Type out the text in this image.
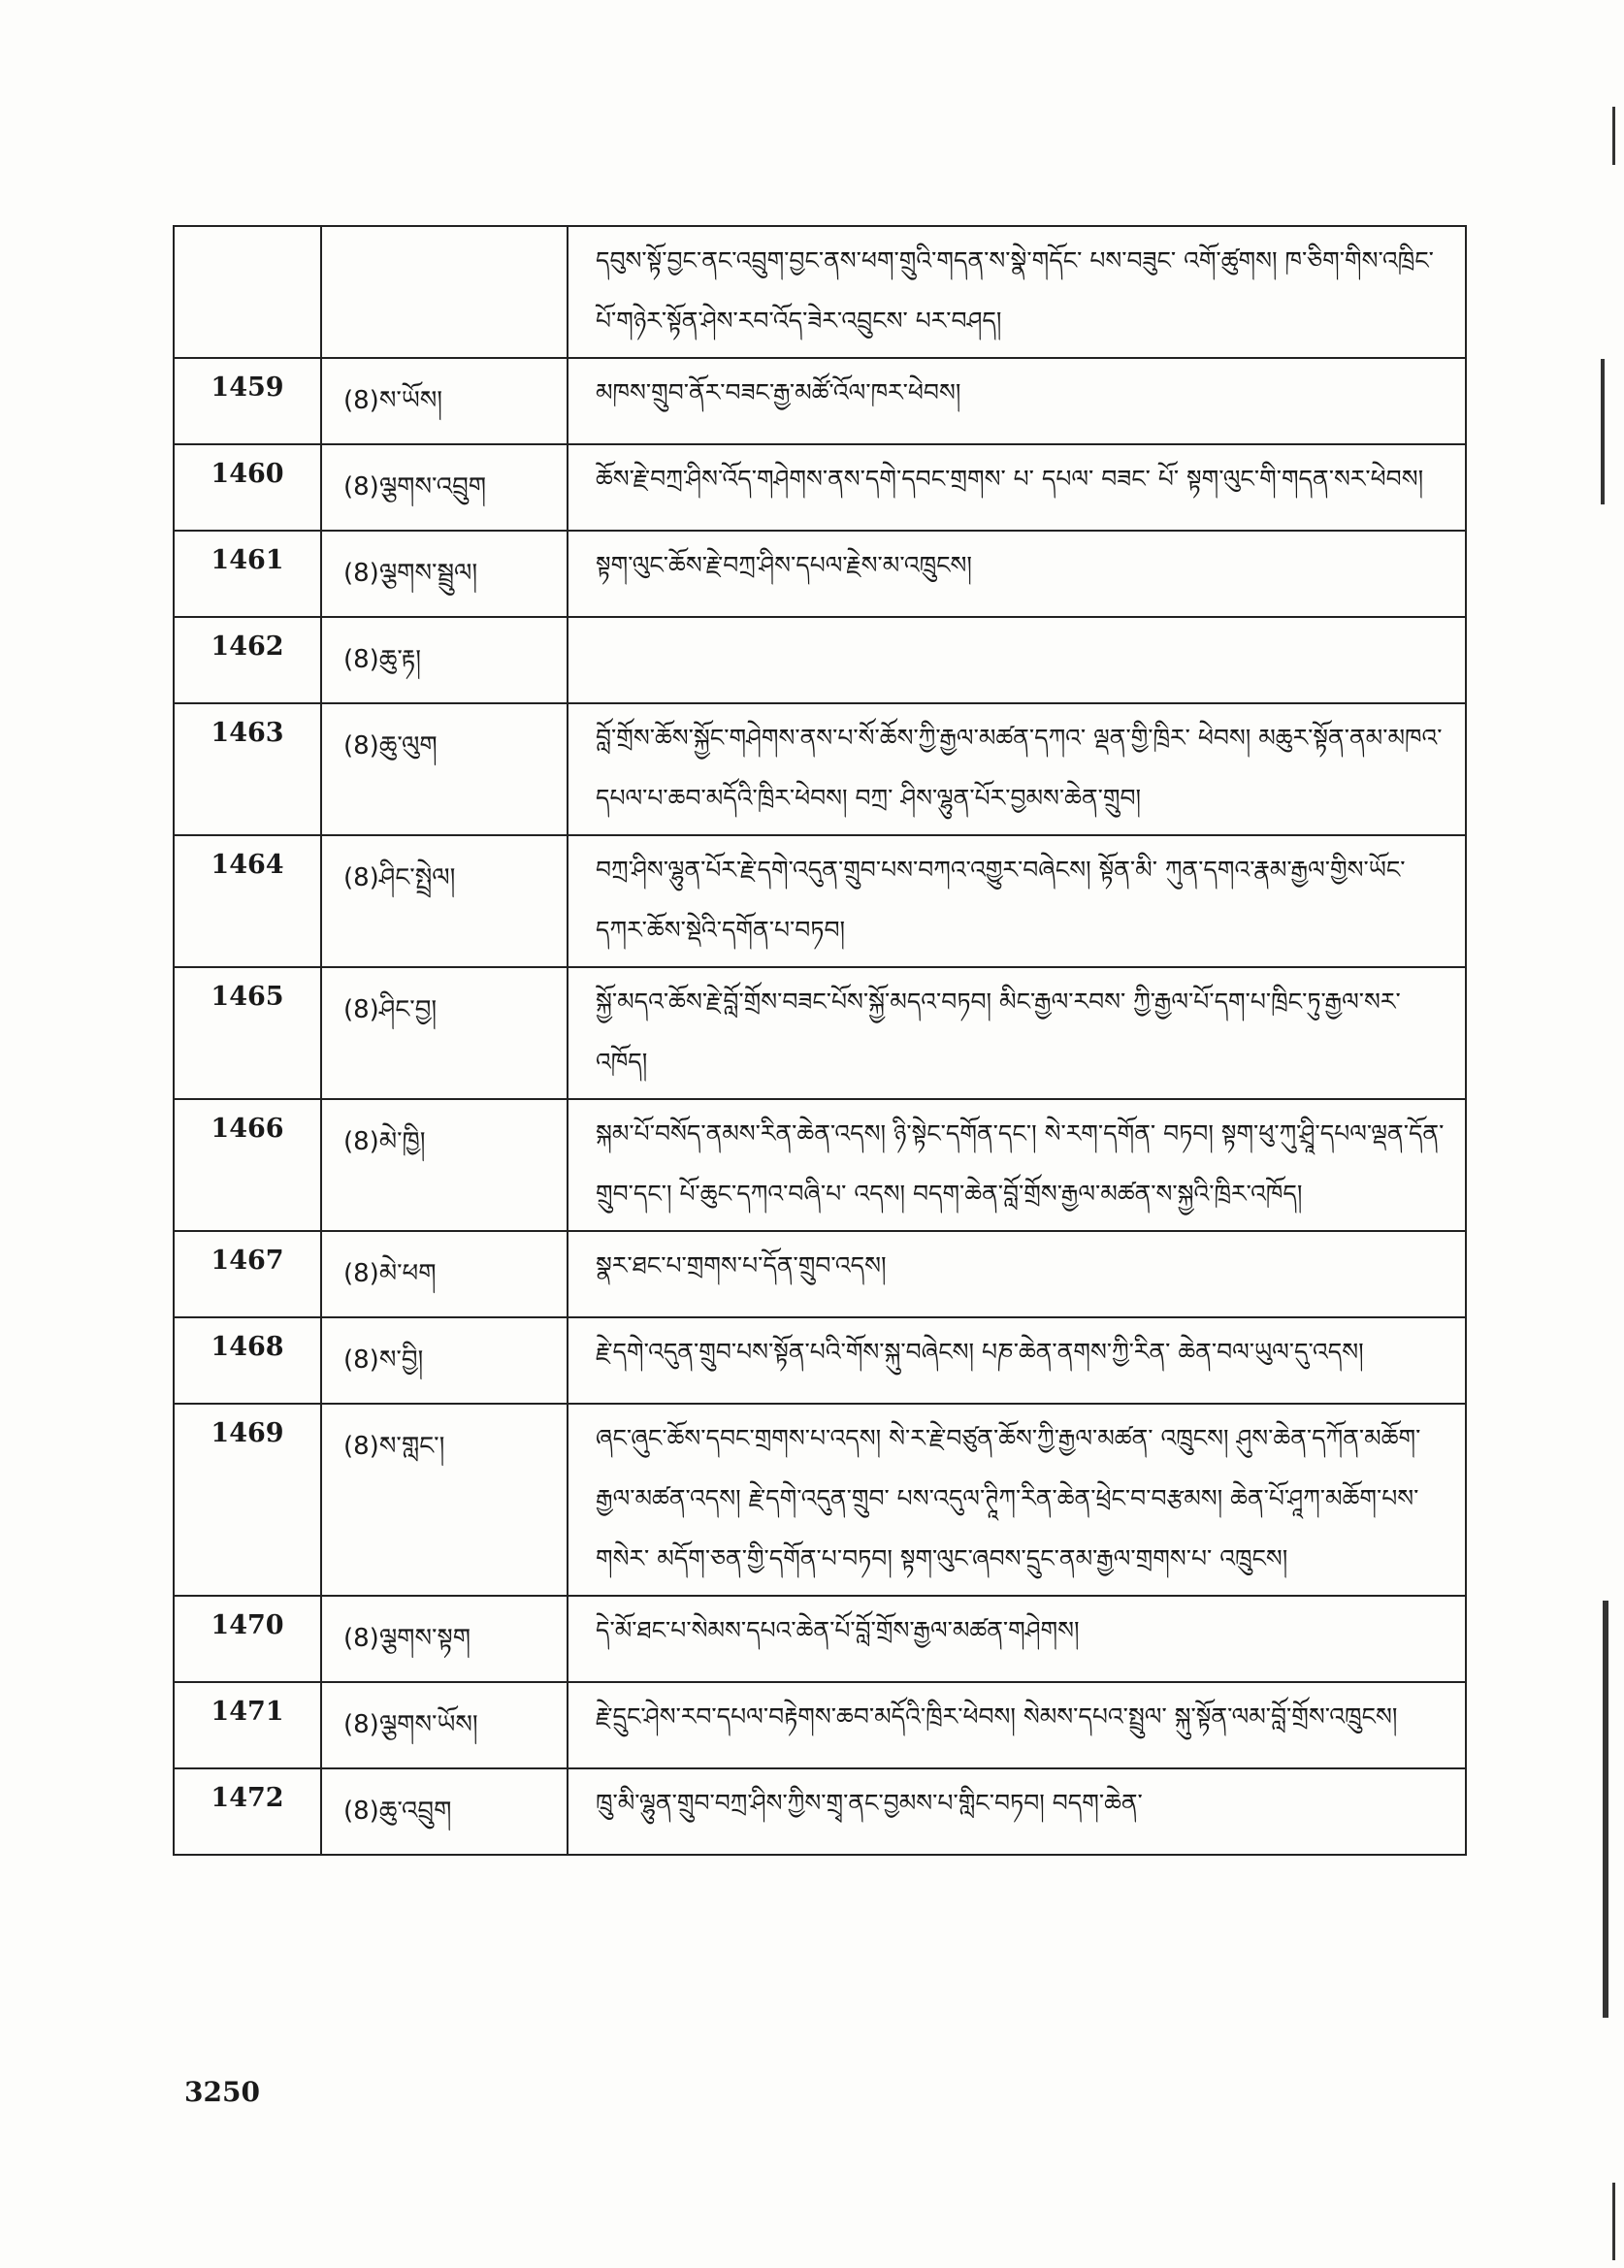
		དབུས་སྟོ་བྱང་ནང་འབྲུག་བྱང་ནས་ཕག་གྲུའི་གདན་ས་སྣེ་གདོང་ པས་བཟུང་ འགོ་ཚུགས། ཁ་ཅིག་གིས་འཁྲིང་པོ་གཉེར་སྟོན་ཤེས་རབ་འོད་ཟེར་འབྲུངས་ པར་བཤད།
1459	(8)ས་ཡོས།	མཁས་གྲུབ་ནོར་བཟང་རྒྱ་མཚོ་འོལ་ཁར་ཕེབས།
1460	(8)ལྕགས་འབྲུག	ཆོས་རྗེ་བཀྲ་ཤིས་འོད་གཤེགས་ནས་དགེ་དབང་གྲགས་ པ་ དཔལ་ བཟང་ པོ་ སྟག་ལུང་གི་གདན་སར་ཕེབས།
1461	(8)ལྕགས་སྦྲུལ།	སྟག་ལུང་ཆོས་རྗེ་བཀྲ་ཤིས་དཔལ་རྗེས་མ་འཁྲུངས།
1462	(8)ཆུ་རྟ།	
1463	(8)ཆུ་ལུག	བློ་གྲོས་ཆོས་སྐྱོང་གཤེགས་ནས་པ་སོ་ཆོས་ཀྱི་རྒྱལ་མཚན་དཀའ་ ལྡན་གྱི་ཁྲིར་ ཕེབས། མཆུར་སྟོན་ནམ་མཁའ་དཔལ་པ་ཆབ་མདོའི་ཁྲིར་ཕེབས། བཀྲ་ ཤིས་ལྷུན་པོར་བྱམས་ཆེན་གྲུབ།
1464	(8)ཤིང་སྤྲེལ།	བཀྲ་ཤིས་ལྷུན་པོར་རྗེ་དགེ་འདུན་གྲུབ་པས་བཀའ་འགྱུར་བཞེངས། སྟོན་མི་ ཀུན་དགའ་རྣམ་རྒྱལ་གྱིས་ཡོང་དཀར་ཆོས་སྡེའི་དགོན་པ་བཏབ།
1465	(8)ཤིང་བྱ།	སྐྱོ་མདའ་ཆོས་རྗེ་བློ་གྲོས་བཟང་པོས་སྐྱོ་མདའ་བཏབ། མིང་རྒྱལ་རབས་ ཀྱི་རྒྱལ་པོ་དག་པ་ཁྲིང་ཏུ་རྒྱལ་སར་འཁོད།
1466	(8)མེ་ཁྱི།	སྐམ་པོ་བསོད་ནམས་རིན་ཆེན་འདས། ཉི་སྟེང་དགོན་དང་། སེ་རག་དགོན་ བཏབ། སྟག་ཕུ་ཀུ་ཤྲཱི་དཔལ་ལྡན་དོན་གྲུབ་དང་། པོ་ཆུང་དཀའ་བཞི་པ་ འདས། བདག་ཆེན་བློ་གྲོས་རྒྱལ་མཚན་ས་སྐྱའི་ཁྲིར་འཁོད།
1467	(8)མེ་ཕག	སྣར་ཐང་པ་གྲགས་པ་དོན་གྲུབ་འདས།
1468	(8)ས་བྱི།	རྗེ་དགེ་འདུན་གྲུབ་པས་སྟོན་པའི་གོས་སྐུ་བཞེངས། པཎ་ཆེན་ནགས་ཀྱི་རིན་ ཆེན་བལ་ཡུལ་དུ་འདས།
1469	(8)ས་གླང་།	ཞང་ཞུང་ཆོས་དབང་གྲགས་པ་འདས། སེ་ར་རྗེ་བཙུན་ཆོས་ཀྱི་རྒྱལ་མཚན་ འཁྲུངས། ཤུས་ཆེན་དཀོན་མཆོག་རྒྱལ་མཚན་འདས། རྗེ་དགེ་འདུན་གྲུབ་ པས་འདུལ་ཊཱིཀ་རིན་ཆེན་ཕྲེང་བ་བརྩམས། ཆེན་པོ་ཤཱཀ་མཆོག་པས་གསེར་ མདོག་ཅན་གྱི་དགོན་པ་བཏབ། སྟག་ལུང་ཞབས་དྲུང་ནམ་རྒྱལ་གྲགས་པ་ འཁྲུངས།
1470	(8)ལྕགས་སྟག	དེ་མོ་ཐང་པ་སེམས་དཔའ་ཆེན་པོ་བློ་གྲོས་རྒྱལ་མཚན་གཤེགས།
1471	(8)ལྕགས་ཡོས།	རྗེ་དྲུང་ཤེས་རབ་དཔལ་བརྟེགས་ཆབ་མདོའི་ཁྲིར་ཕེབས། སེམས་དཔའ་སྤྲུལ་ སྐུ་སྟོན་ལམ་བློ་གྲོས་འཁྲུངས།
1472	(8)ཆུ་འབྲུག	ཁྲུ་མི་ལྷུན་གྲུབ་བཀྲ་ཤིས་ཀྱིས་གྲྭ་ནང་བྱམས་པ་གླིང་བཏབ། བདག་ཆེན་
3250
